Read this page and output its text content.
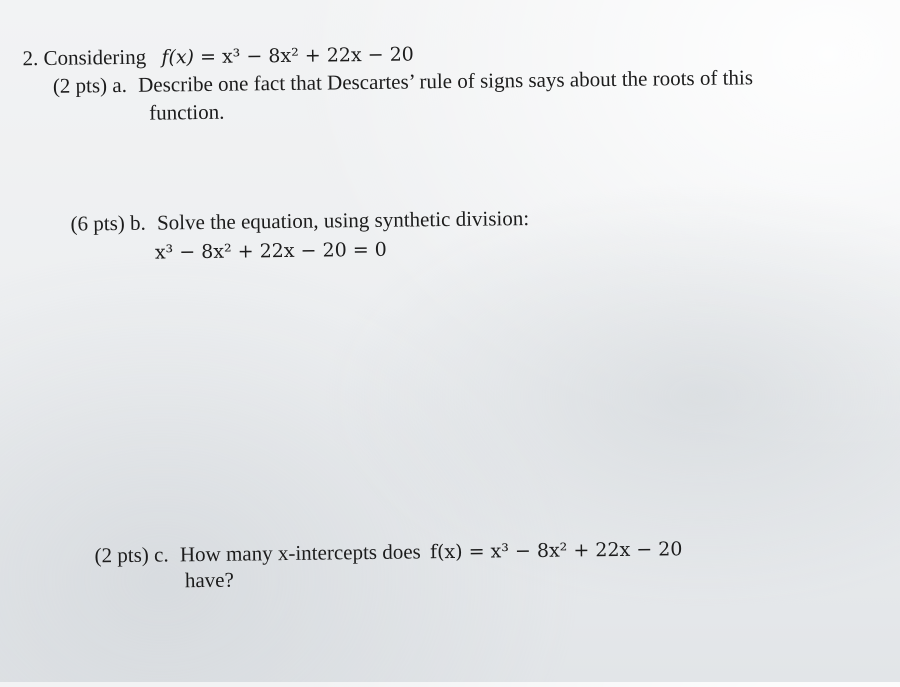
2. Considering f(x) = x³ − 8x² + 22x − 20
(2 pts) a. Describe one fact that Descartes’ rule of signs says about the roots of this
function.
(6 pts) b. Solve the equation, using synthetic division:
x³ − 8x² + 22x − 20 = 0
(2 pts) c. How many x-intercepts does f(x) = x³ − 8x² + 22x − 20
have?
